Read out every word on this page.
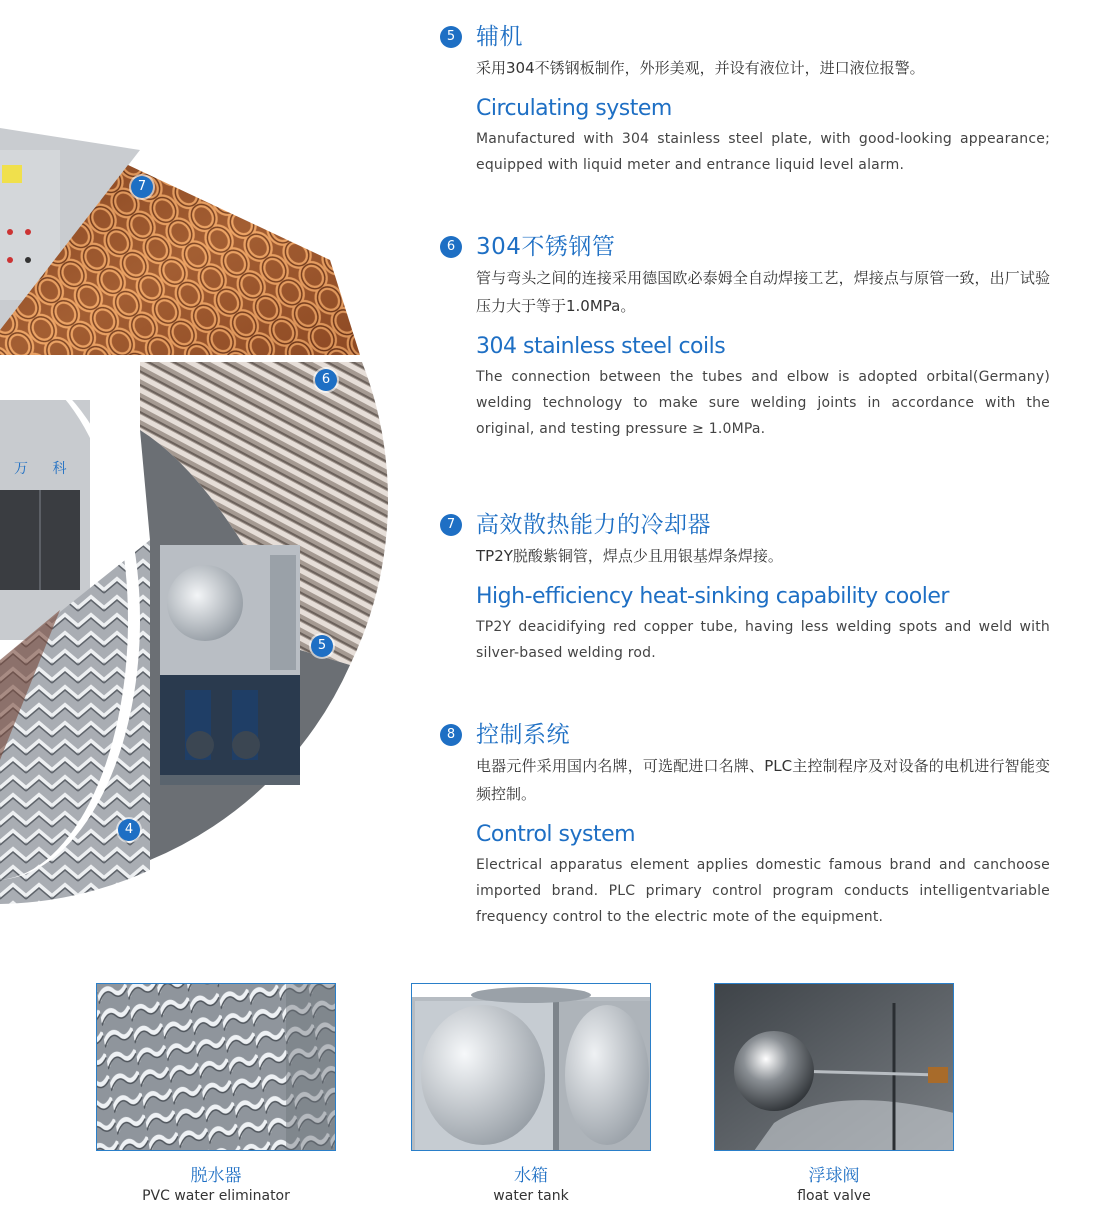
7
6
5
4
万 科
5 辅机

采用304不锈钢板制作，外形美观，并设有液位计，进口液位报警。

Circulating system

Manufactured with 304 stainless steel plate, with good-looking appearance; equipped with liquid meter and entrance liquid level alarm.

6 304不锈钢管

管与弯头之间的连接采用德国欧必泰姆全自动焊接工艺，焊接点与原管一致，出厂试验压力大于等于1.0MPa。

304 stainless steel coils

The connection between the tubes and elbow is adopted orbital(Germany) welding technology to make sure welding joints in accordance with the original, and testing pressure ≥ 1.0MPa.

7 高效散热能力的冷却器

TP2Y脱酸紫铜管，焊点少且用银基焊条焊接。

High-efficiency heat-sinking capability cooler

TP2Y deacidifying red copper tube, having less welding spots and weld with silver-based welding rod.

8 控制系统

电器元件采用国内名牌，可选配进口名牌、PLC主控制程序及对设备的电机进行智能变频控制。

Control system

Electrical apparatus element applies domestic famous brand and canchoose imported brand. PLC primary control program conducts intelligentvariable frequency control to the electric mote of the equipment.

脱水器
PVC water eliminator
水箱
water tank
浮球阀
float valve
